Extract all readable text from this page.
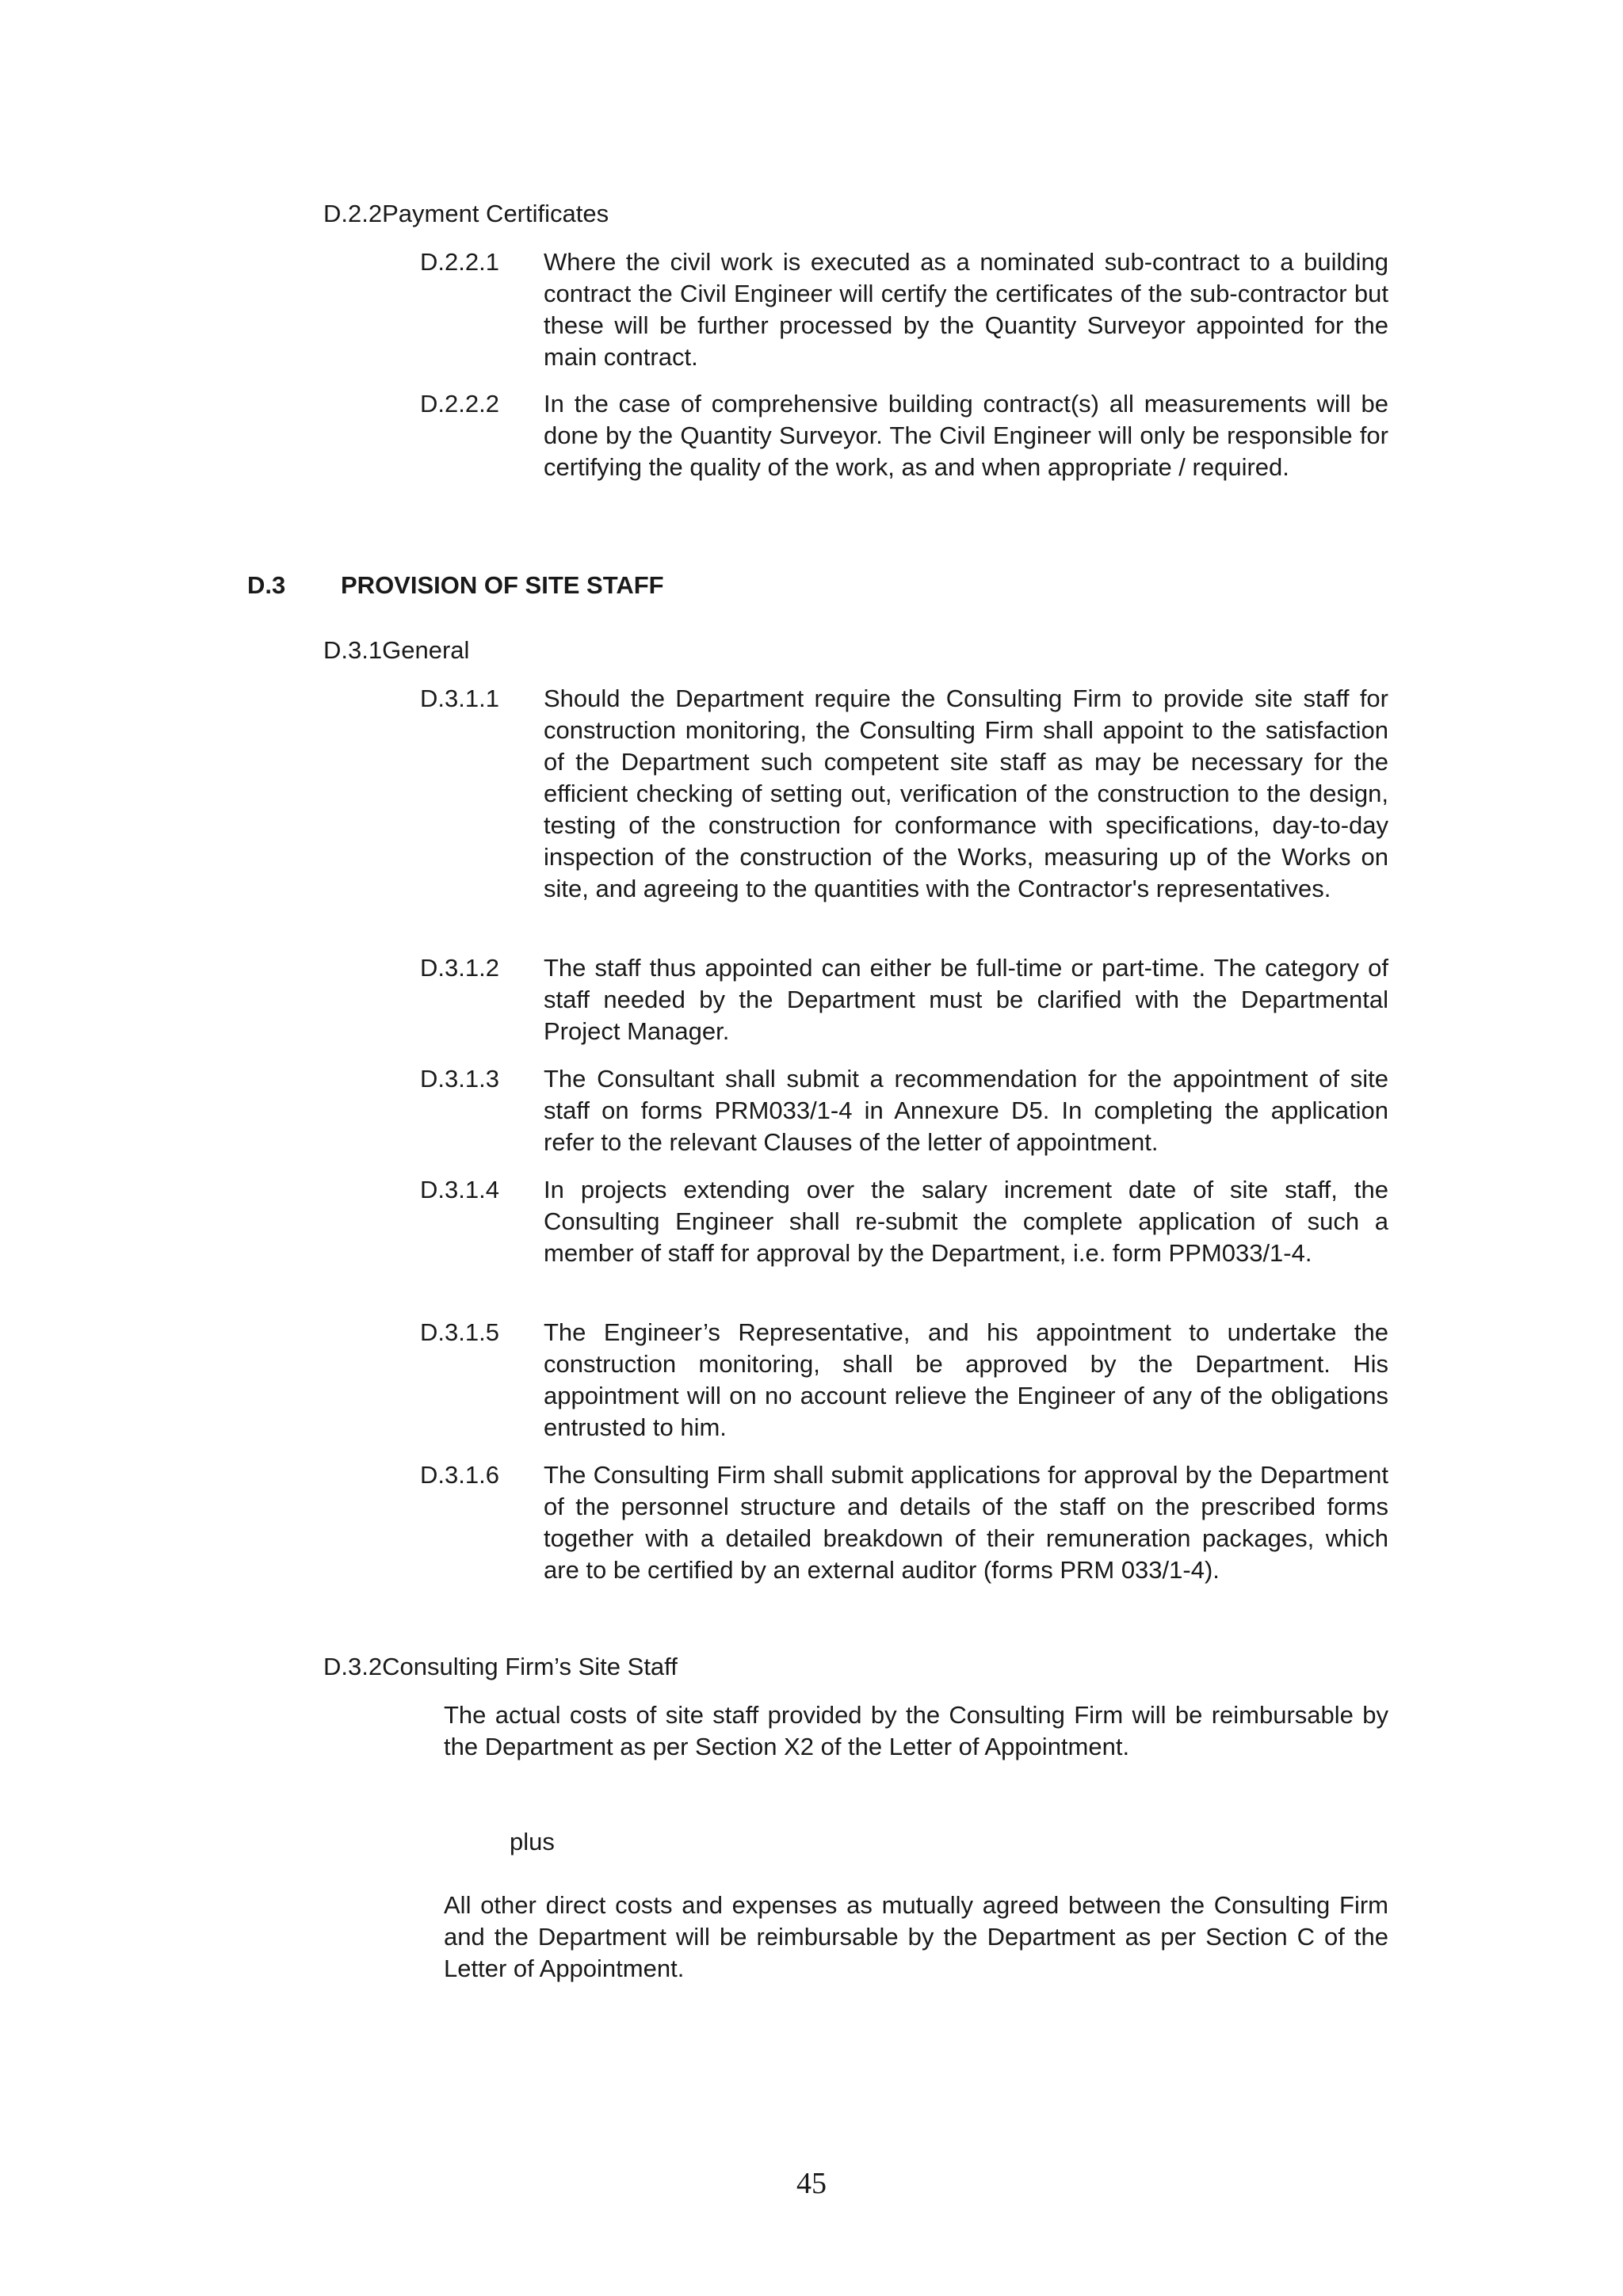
D.2.2Payment Certificates
D.2.2.1 Where the civil work is executed as a nominated sub-contract to a building contract the Civil Engineer will certify the certificates of the sub-contractor but these will be further processed by the Quantity Surveyor appointed for the main contract.
D.2.2.2 In the case of comprehensive building contract(s) all measurements will be done by the Quantity Surveyor. The Civil Engineer will only be responsible for certifying the quality of the work, as and when appropriate / required.
D.3 PROVISION OF SITE STAFF
D.3.1General
D.3.1.1 Should the Department require the Consulting Firm to provide site staff for construction monitoring, the Consulting Firm shall appoint to the satisfaction of the Department such competent site staff as may be necessary for the efficient checking of setting out, verification of the construction to the design, testing of the construction for conformance with specifications, day-to-day inspection of the construction of the Works, measuring up of the Works on site, and agreeing to the quantities with the Contractor's representatives.
D.3.1.2 The staff thus appointed can either be full-time or part-time. The category of staff needed by the Department must be clarified with the Departmental Project Manager.
D.3.1.3 The Consultant shall submit a recommendation for the appointment of site staff on forms PRM033/1-4 in Annexure D5. In completing the application refer to the relevant Clauses of the letter of appointment.
D.3.1.4 In projects extending over the salary increment date of site staff, the Consulting Engineer shall re-submit the complete application of such a member of staff for approval by the Department, i.e. form PPM033/1-4.
D.3.1.5 The Engineer’s Representative, and his appointment to undertake the construction monitoring, shall be approved by the Department. His appointment will on no account relieve the Engineer of any of the obligations entrusted to him.
D.3.1.6 The Consulting Firm shall submit applications for approval by the Department of the personnel structure and details of the staff on the prescribed forms together with a detailed breakdown of their remuneration packages, which are to be certified by an external auditor (forms PRM 033/1-4).
D.3.2Consulting Firm’s Site Staff
The actual costs of site staff provided by the Consulting Firm will be reimbursable by the Department as per Section X2 of the Letter of Appointment.
plus
All other direct costs and expenses as mutually agreed between the Consulting Firm and the Department will be reimbursable by the Department as per Section C of the Letter of Appointment.
45
